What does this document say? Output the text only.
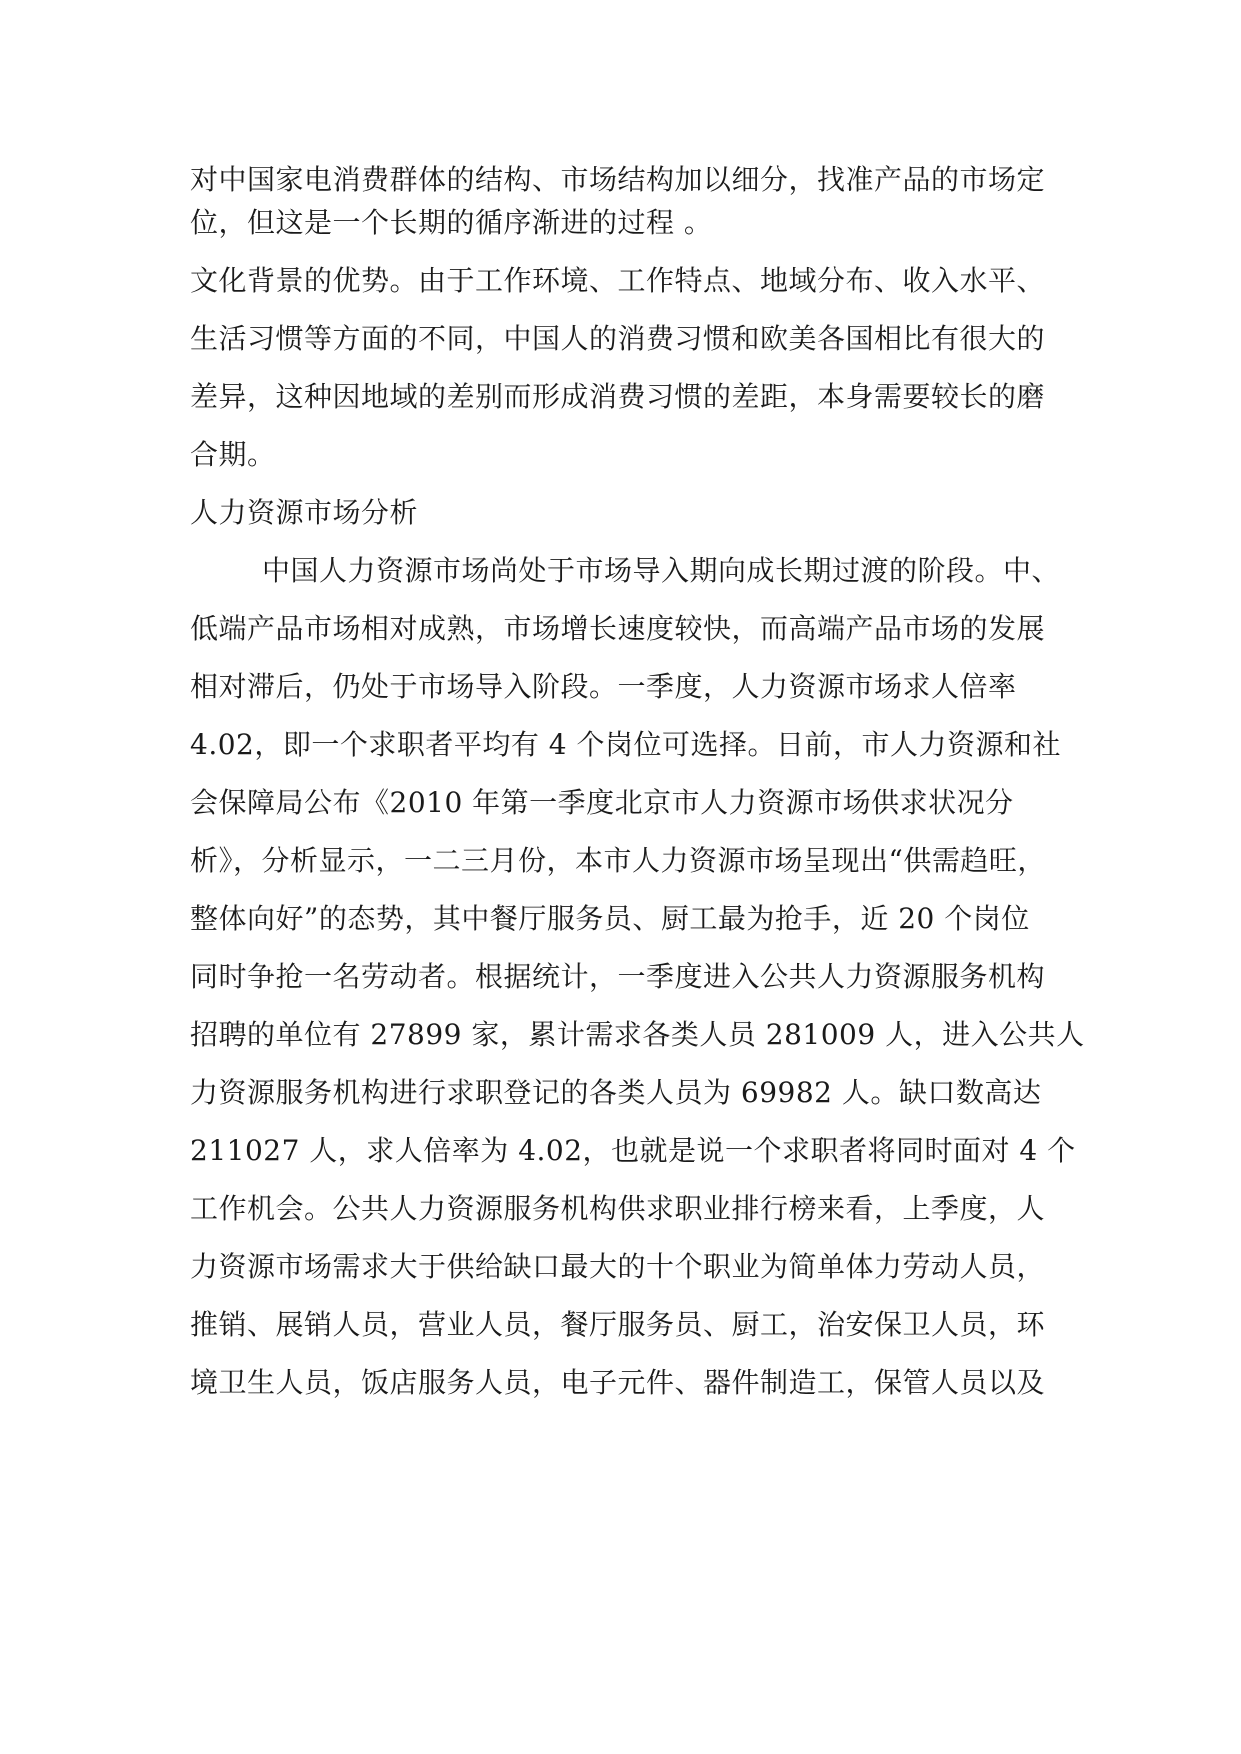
对中国家电消费群体的结构、市场结构加以细分，找准产品的市场定
位，但这是一个长期的循序渐进的过程 。
文化背景的优势。由于工作环境、工作特点、地域分布、收入水平、
生活习惯等方面的不同，中国人的消费习惯和欧美各国相比有很大的
差异，这种因地域的差别而形成消费习惯的差距，本身需要较长的磨
合期。
人力资源市场分析
中国人力资源市场尚处于市场导入期向成长期过渡的阶段。中、
低端产品市场相对成熟，市场增长速度较快，而高端产品市场的发展
相对滞后，仍处于市场导入阶段。一季度，人力资源市场求人倍率
4.02，即一个求职者平均有 4 个岗位可选择。日前，市人力资源和社
会保障局公布《2010 年第一季度北京市人力资源市场供求状况分
析》，分析显示，一二三月份，本市人力资源市场呈现出“供需趋旺，
整体向好”的态势，其中餐厅服务员、厨工最为抢手，近 20 个岗位
同时争抢一名劳动者。根据统计，一季度进入公共人力资源服务机构
招聘的单位有 27899 家，累计需求各类人员 281009 人，进入公共人
力资源服务机构进行求职登记的各类人员为 69982 人。缺口数高达
211027 人，求人倍率为 4.02，也就是说一个求职者将同时面对 4 个
工作机会。公共人力资源服务机构供求职业排行榜来看，上季度，人
力资源市场需求大于供给缺口最大的十个职业为简单体力劳动人员，
推销、展销人员，营业人员，餐厅服务员、厨工，治安保卫人员，环
境卫生人员，饭店服务人员，电子元件、器件制造工，保管人员以及
